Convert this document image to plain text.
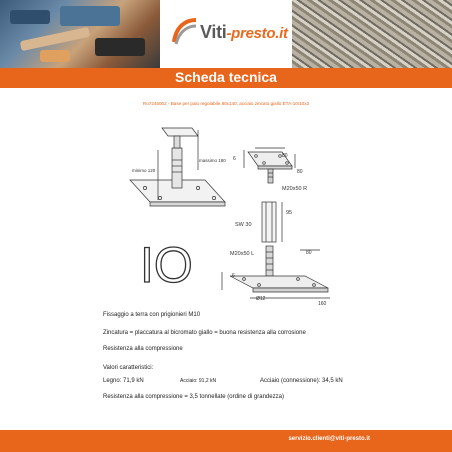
Viti-presto.it
Scheda tecnica
Ro7245002 - Base per palo regolabile 80x140, acciaio zincato giallo ETA-10/10x3
minimo 120
massimo 180 6	80
80
M20x50 R
95
SW 30
IO	M20x50 L	80
6
Ø12
160
Fissaggio a terra con prigionieri M10
Zincatura = placcatura al bicromato giallo = buona resistenza alla corrosione
Resistenza alla compressione
Valori caratteristici:
Legno: 71,9 kN	Acciaio: 91,2 kN	Acciaio (connessione): 34,5 kN
Resistenza alla compressione = 3,5 tonnellate (ordine di grandezza)
servizio.clienti@viti-presto.it
